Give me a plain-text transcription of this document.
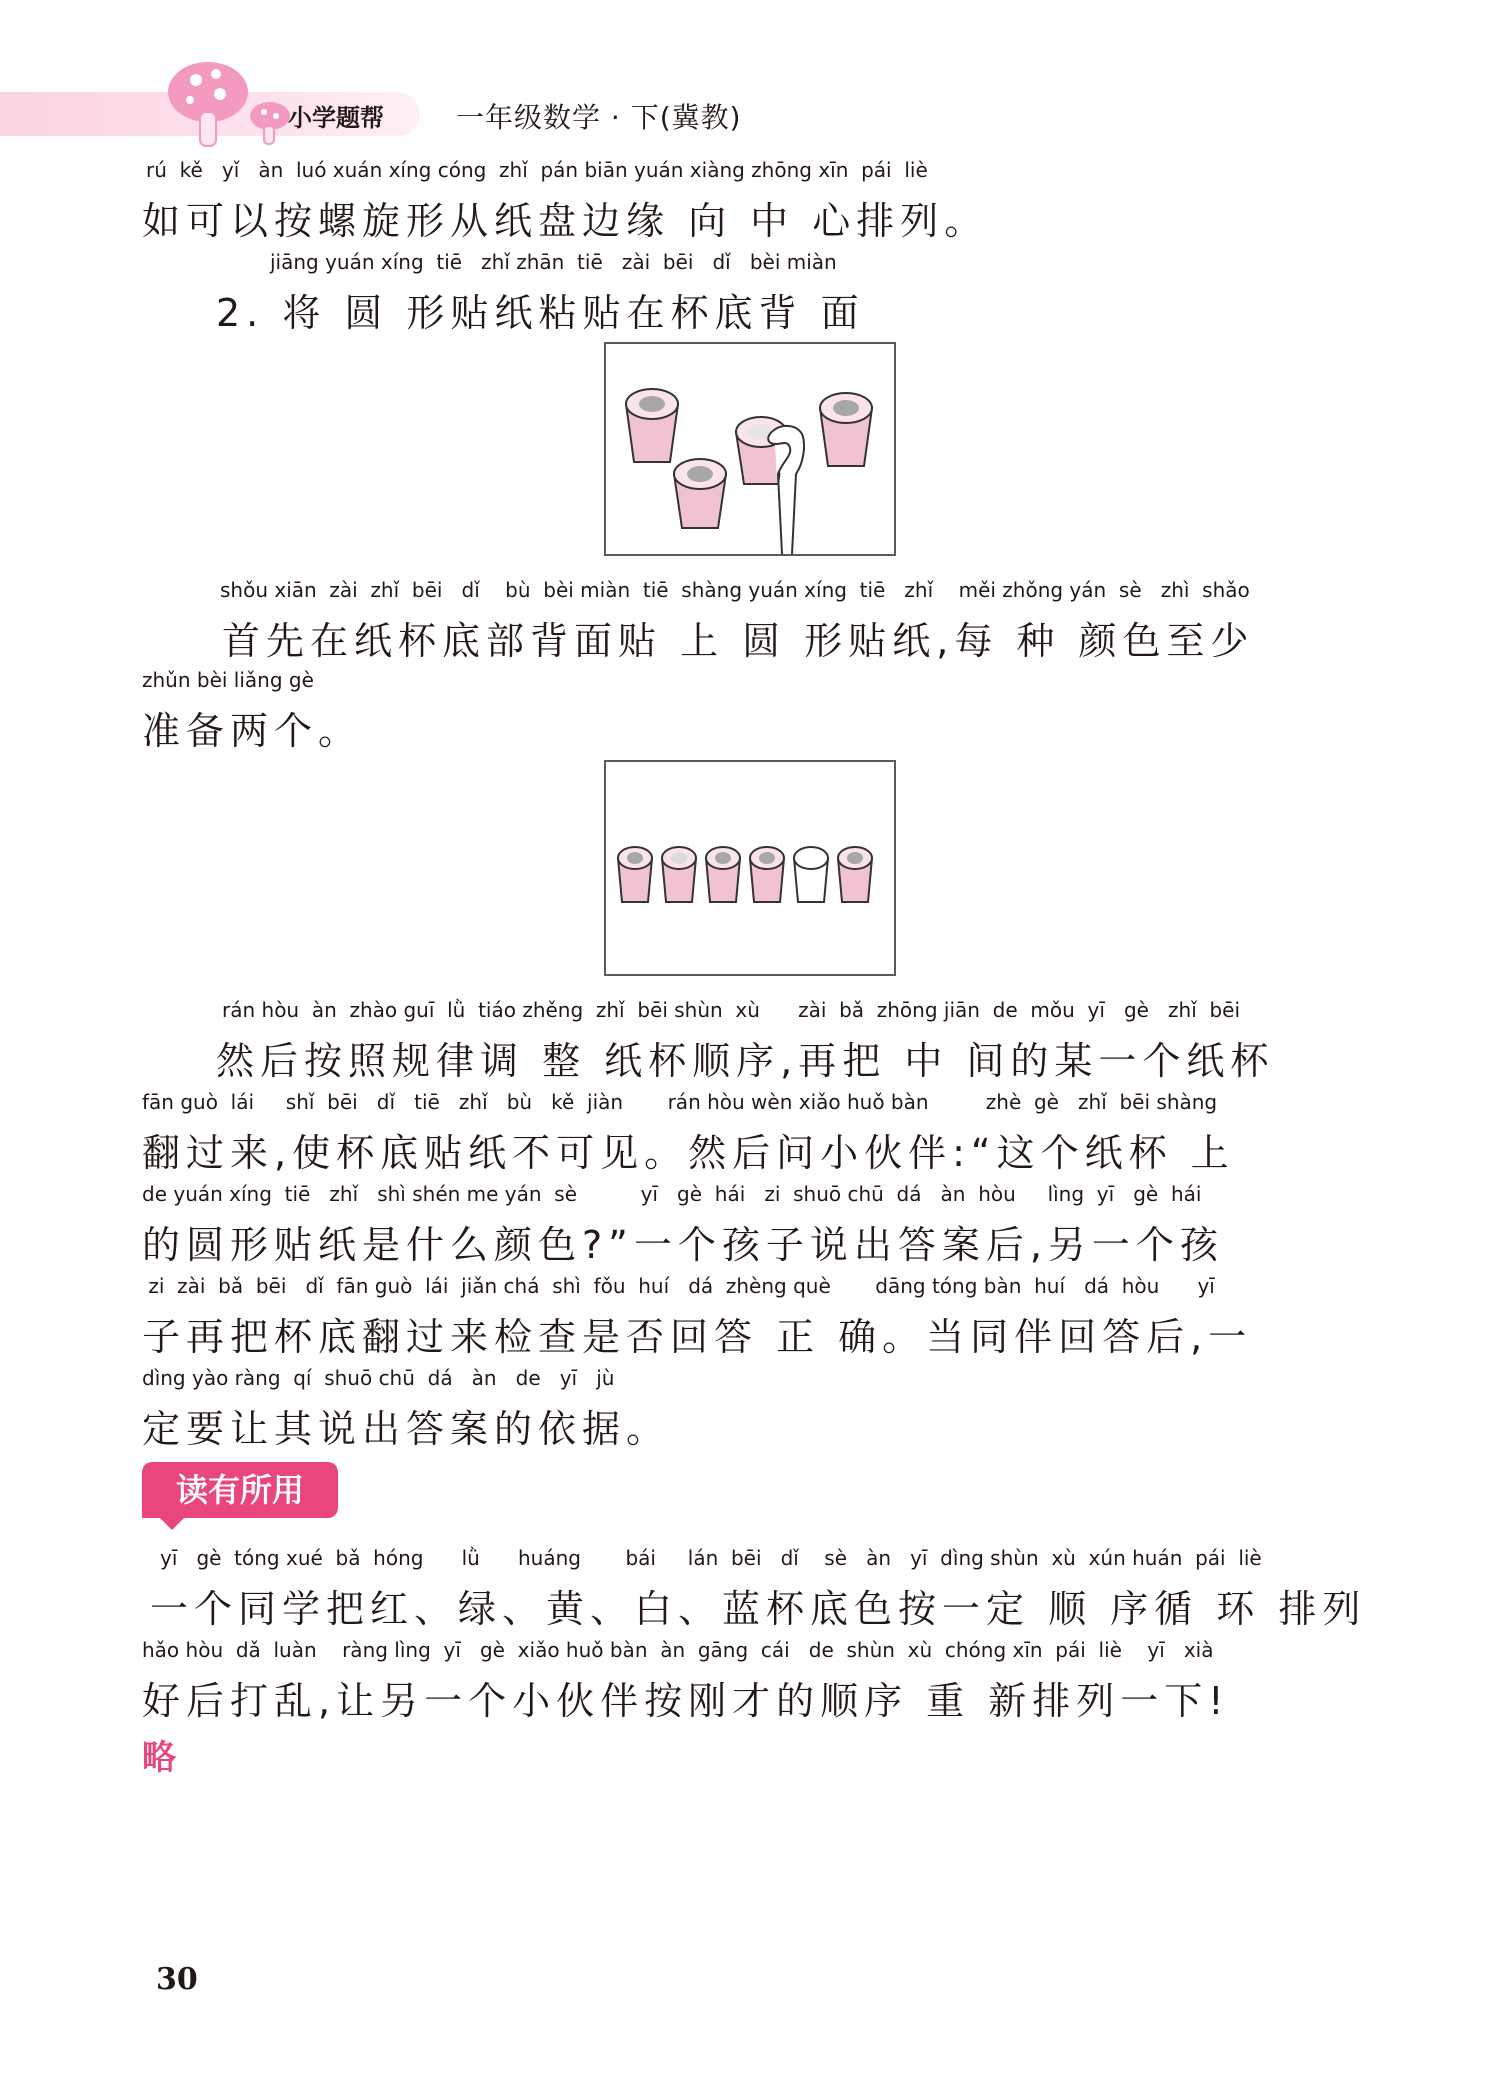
小学题帮	一年级数学 · 下(冀教)
rú  kě   yǐ   àn  luó xuán xíng cóng  zhǐ  pán biān yuán xiàng zhōng xīn  pái  liè
如可以按螺旋形从纸盘边缘 向 中 心排列。
jiāng yuán xíng  tiē   zhǐ zhān  tiē   zài  bēi   dǐ   bèi miàn
2. 将 圆 形贴纸粘贴在杯底背 面
shǒu xiān  zài  zhǐ  bēi   dǐ    bù  bèi miàn  tiē  shàng yuán xíng  tiē   zhǐ    měi zhǒng yán  sè   zhì  shǎo
首先在纸杯底部背面贴 上 圆 形贴纸,每 种 颜色至少
zhǔn bèi liǎng gè
准备两个。
rán hòu  àn  zhào guī  lǜ  tiáo zhěng  zhǐ  bēi shùn  xù      zài  bǎ  zhōng jiān  de  mǒu  yī   gè   zhǐ  bēi
然后按照规律调 整 纸杯顺序,再把 中 间的某一个纸杯
fān guò  lái     shǐ  bēi   dǐ   tiē   zhǐ   bù   kě  jiàn       rán hòu wèn xiǎo huǒ bàn         zhè  gè   zhǐ  bēi shàng
翻过来,使杯底贴纸不可见。然后问小伙伴:“这个纸杯 上
de yuán xíng  tiē   zhǐ   shì shén me yán  sè          yī   gè  hái   zi  shuō chū  dá   àn  hòu     lìng  yī   gè  hái
的圆形贴纸是什么颜色?”一个孩子说出答案后,另一个孩
zi  zài  bǎ  bēi   dǐ  fān guò  lái  jiǎn chá  shì  fǒu  huí   dá  zhèng què       dāng tóng bàn  huí   dá  hòu      yī
子再把杯底翻过来检查是否回答 正 确。当同伴回答后,一
dìng yào ràng  qí  shuō chū  dá   àn   de   yī   jù
定要让其说出答案的依据。
读有所用
yī   gè  tóng xué  bǎ  hóng      lǜ      huáng       bái     lán  bēi   dǐ    sè   àn   yī  dìng shùn  xù  xún huán  pái  liè
一个同学把红、绿、黄、白、蓝杯底色按一定 顺 序循 环 排列
hǎo hòu  dǎ  luàn    ràng lìng  yī   gè  xiǎo huǒ bàn  àn  gāng  cái   de  shùn  xù  chóng xīn  pái  liè    yī   xià
好后打乱,让另一个小伙伴按刚才的顺序 重 新排列一下!
略
30
